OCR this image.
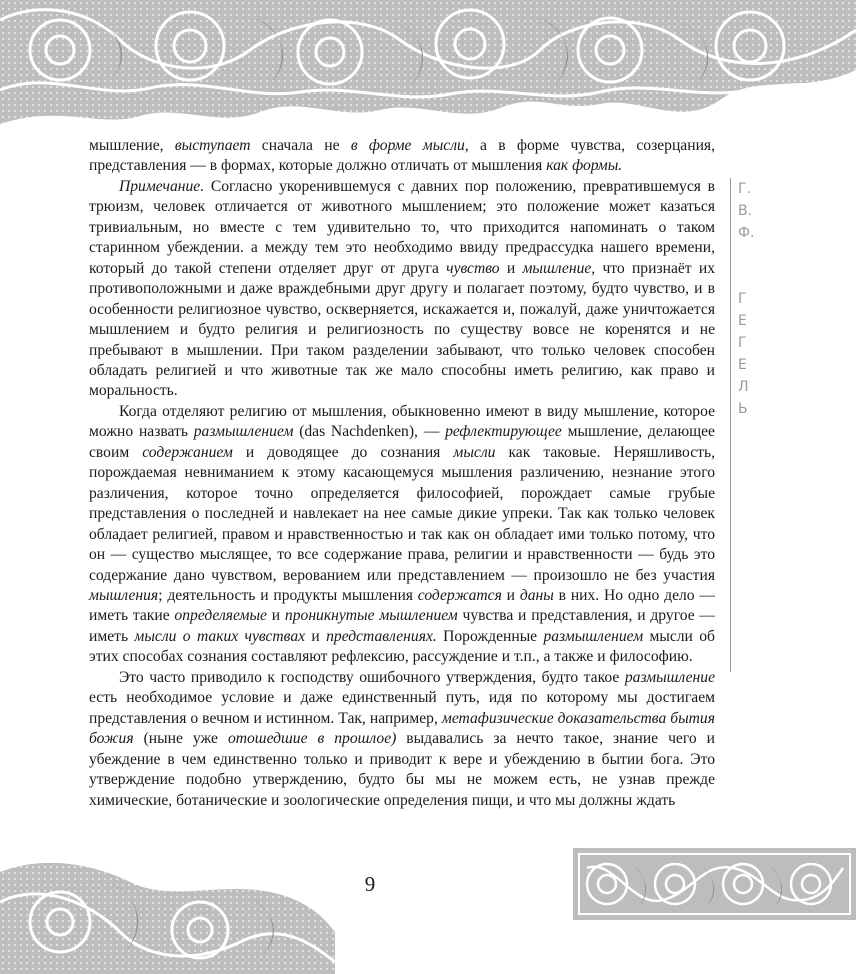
мышление, выступает сначала не в форме мысли, а в форме чувства, созерцания, представления — в формах, которые должно отличать от мышления как формы.

Примечание. Согласно укоренившемуся с давних пор положению, превратившемуся в трюизм, человек отличается от животного мышлением; это положение может казаться тривиальным, но вместе с тем удивительно то, что приходится напоминать о таком старинном убеждении. а между тем это необходимо ввиду предрассудка нашего времени, который до такой степени отделяет друг от друга чувство и мышление, что признаёт их противоположными и даже враждебными друг другу и полагает поэтому, будто чувство, и в особенности религиозное чувство, оскверняется, искажается и, пожалуй, даже уничтожается мышлением и будто религия и религиозность по существу вовсе не коренятся и не пребывают в мышлении. При таком разделении забывают, что только человек способен обладать религией и что животные так же мало способны иметь религию, как право и моральность.

Когда отделяют религию от мышления, обыкновенно имеют в виду мышление, которое можно назвать размышлением (das Nachdenken), — рефлектирующее мышление, делающее своим содержанием и доводящее до сознания мысли как таковые. Неряшливость, порождаемая невниманием к этому касающемуся мышления различению, незнание этого различения, которое точно определяется философией, порождает самые грубые представления о последней и навлекает на нее самые дикие упреки. Так как только человек обладает религией, правом и нравственностью и так как он обладает ими только потому, что он — существо мыслящее, то все содержание права, религии и нравственности — будь это содержание дано чувством, верованием или представлением — произошло не без участия мышления; деятельность и продукты мышления содержатся и даны в них. Но одно дело — иметь такие определяемые и проникнутые мышлением чувства и представления, и другое — иметь мысли о таких чувствах и представлениях. Порожденные размышлением мысли об этих способах сознания составляют рефлексию, рассуждение и т.п., а также и философию.

Это часто приводило к господству ошибочного утверждения, будто такое размышление есть необходимое условие и даже единственный путь, идя по которому мы достигаем представления о вечном и истинном. Так, например, метафизические доказательства бытия божия (ныне уже отошедшие в прошлое) выдавались за нечто такое, знание чего и убеждение в чем единственно только и приводит к вере и убеждению в бытии бога. Это утверждение подобно утверждению, будто бы мы не можем есть, не узнав прежде химические, ботанические и зоологические определения пищи, и что мы должны ждать

Г.
В.
Ф.
Г
Е
Г
Е
Л
Ь
9
